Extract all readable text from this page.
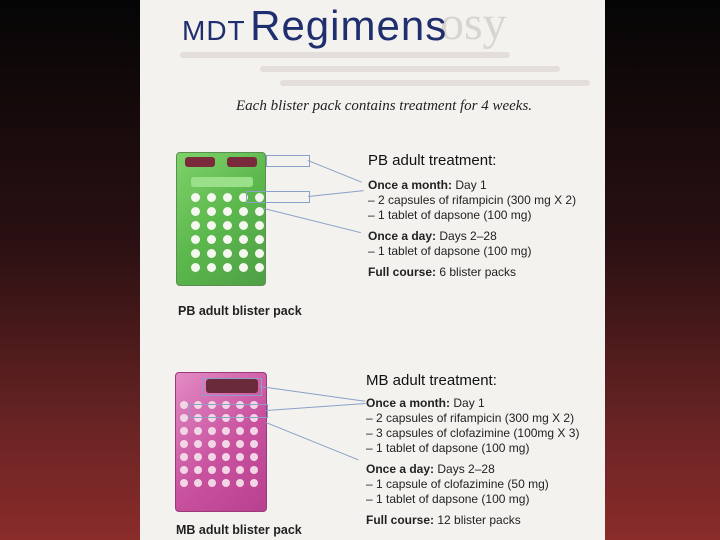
osy
MDT Regimens
Each blister pack contains treatment for 4 weeks.
PB adult treatment:
Once a month: Day 1
– 2 capsules of rifampicin (300 mg X 2)
– 1 tablet of dapsone (100 mg)
Once a day: Days 2–28
– 1 tablet of dapsone (100 mg)
Full course: 6 blister packs
PB adult blister pack
MB adult treatment:
Once a month: Day 1
– 2 capsules of rifampicin (300 mg X 2)
– 3 capsules of clofazimine (100mg X 3)
– 1 tablet of dapsone (100 mg)
Once a day: Days 2–28
– 1 capsule of clofazimine (50 mg)
– 1 tablet of dapsone (100 mg)
Full course: 12 blister packs
MB adult blister pack
